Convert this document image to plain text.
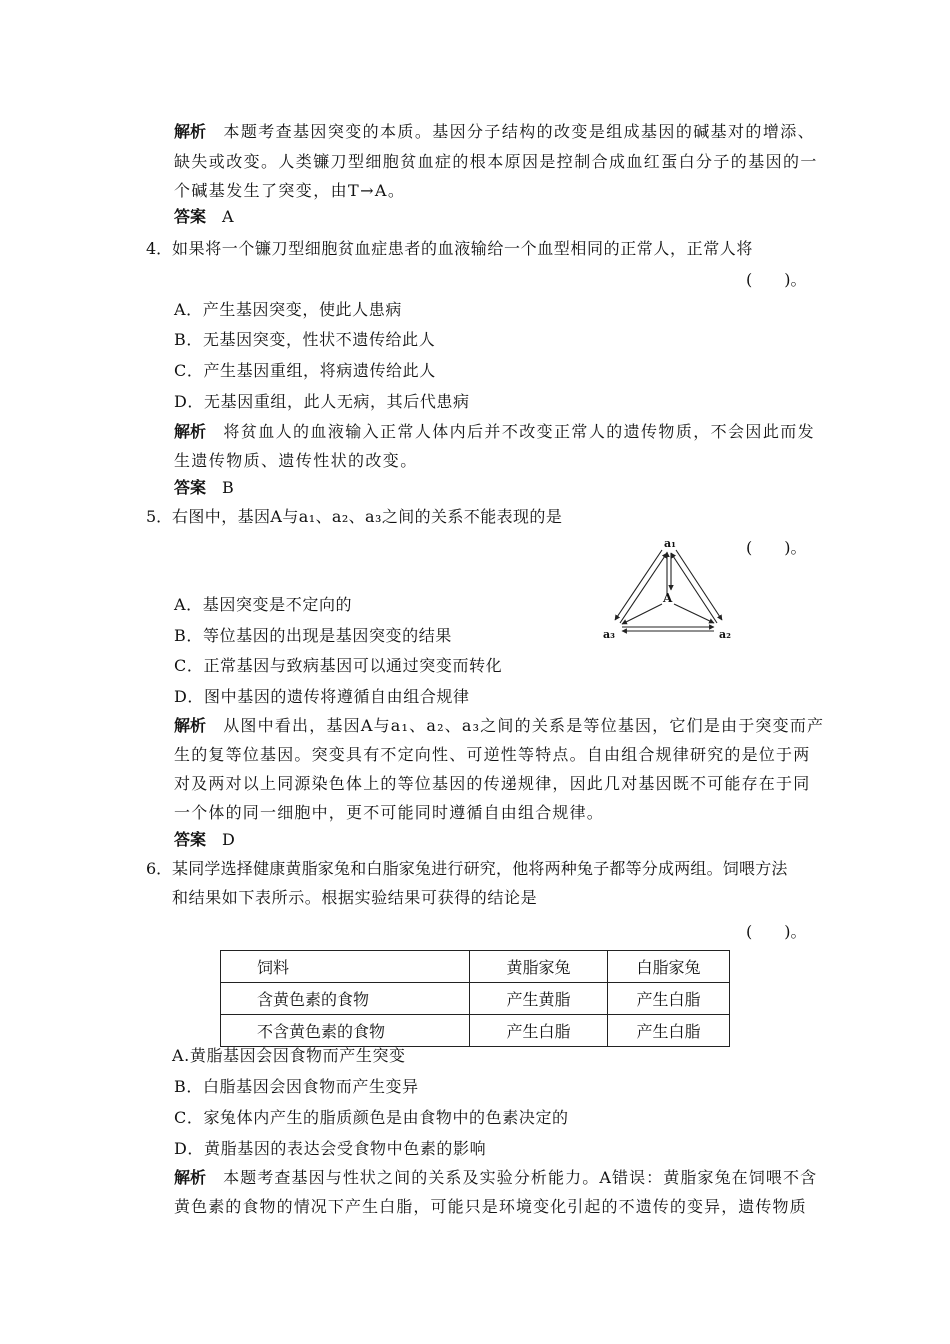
解析　 本题考查基因突变的本质。基因分子结构的改变是组成基因的碱基对的增添、
缺失或改变。人类镰刀型细胞贫血症的根本原因是控制合成血红蛋白分子的基因的一
个碱基发生了突变，由T→A。
答案　 A
4． 如果将一个镰刀型细胞贫血症患者的血液输给一个血型相同的正常人，正常人将
(　　)。
A．产生基因突变，使此人患病
B．无基因突变，性状不遗传给此人
C．产生基因重组，将病遗传给此人
D．无基因重组，此人无病，其后代患病
解析　 将贫血人的血液输入正常人体内后并不改变正常人的遗传物质，不会因此而发
生遗传物质、遗传性状的改变。
答案　 B
5． 右图中，基因A与a₁、a₂、a₃之间的关系不能表现的是
(　　)。
a₁
A
a₃	a₂
A．基因突变是不定向的
B．等位基因的出现是基因突变的结果
C．正常基因与致病基因可以通过突变而转化
D．图中基因的遗传将遵循自由组合规律
解析　 从图中看出，基因A与a₁、a₂、a₃之间的关系是等位基因，它们是由于突变而产
生的复等位基因。突变具有不定向性、可逆性等特点。自由组合规律研究的是位于两
对及两对以上同源染色体上的等位基因的传递规律，因此几对基因既不可能存在于同
一个体的同一细胞中，更不可能同时遵循自由组合规律。
答案　 D
6． 某同学选择健康黄脂家兔和白脂家兔进行研究，他将两种兔子都等分成两组。饲喂方法
和结果如下表所示。根据实验结果可获得的结论是
(　　)。
饲料	黄脂家兔	白脂家兔
含黄色素的食物	产生黄脂	产生白脂
不含黄色素的食物	产生白脂	产生白脂
A.黄脂基因会因食物而产生突变
B．白脂基因会因食物而产生变异
C．家兔体内产生的脂质颜色是由食物中的色素决定的
D．黄脂基因的表达会受食物中色素的影响
解析　 本题考查基因与性状之间的关系及实验分析能力。A错误：黄脂家兔在饲喂不含
黄色素的食物的情况下产生白脂，可能只是环境变化引起的不遗传的变异，遗传物质
